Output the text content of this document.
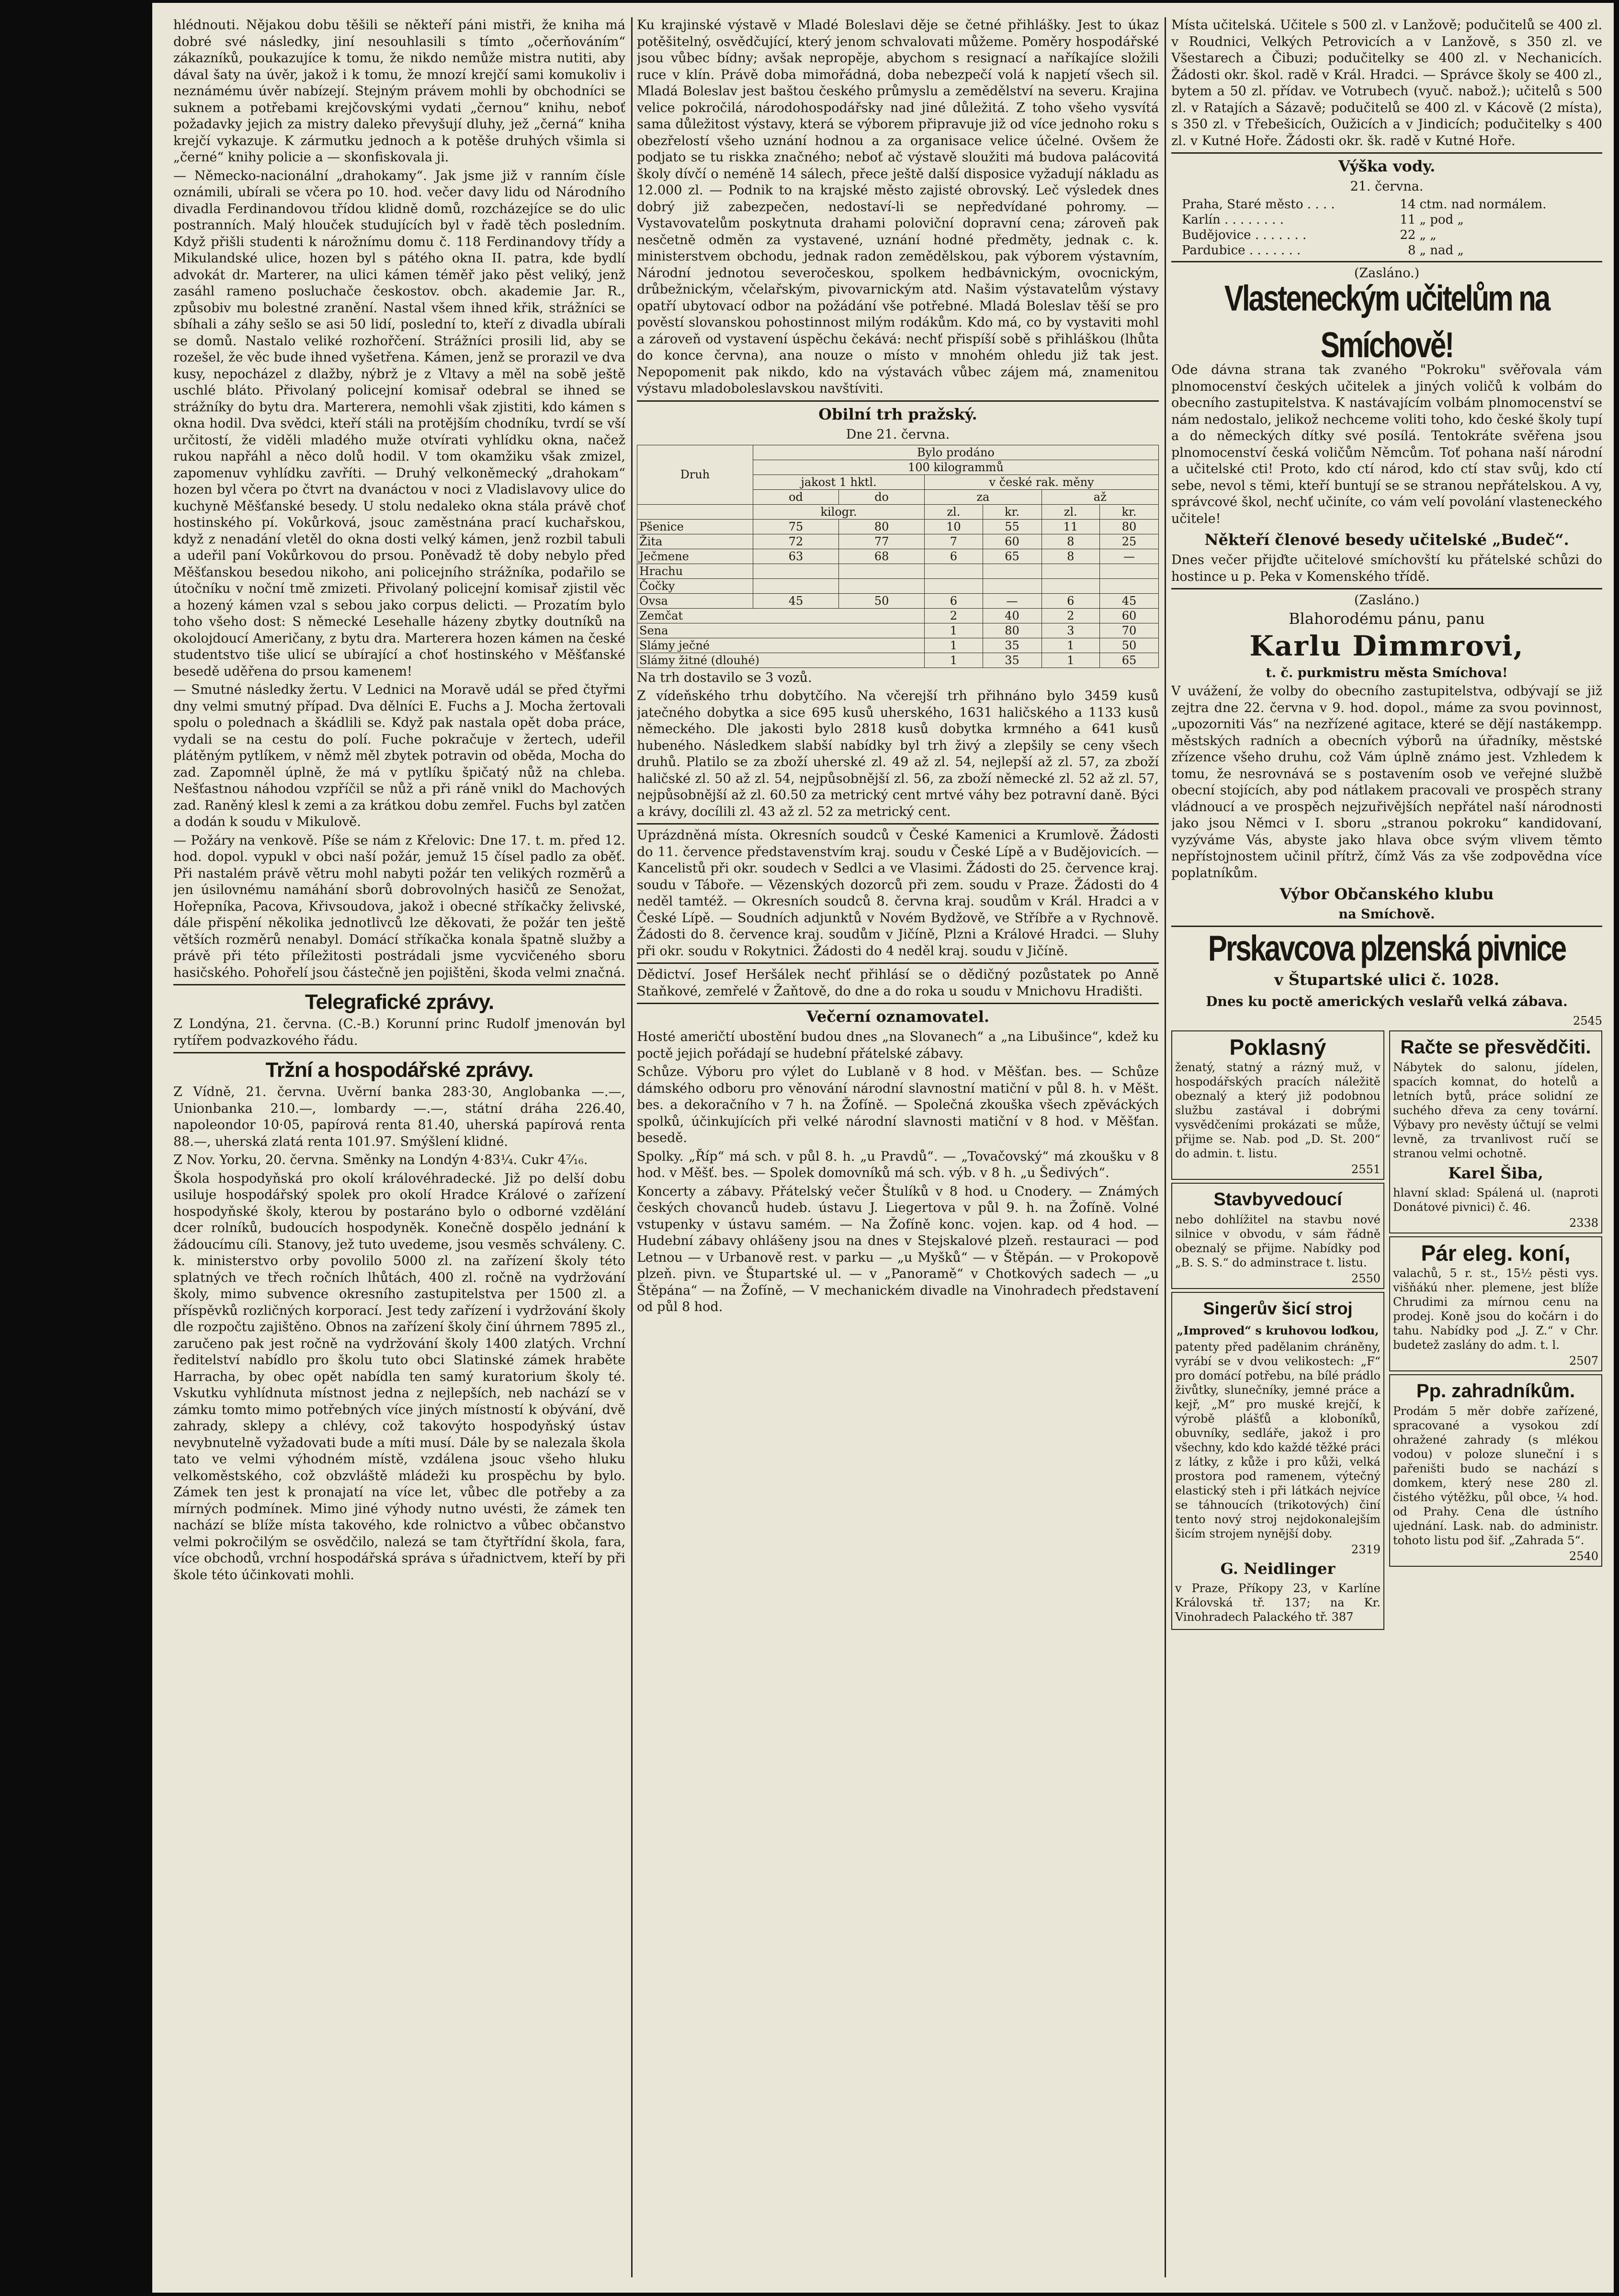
hlédnouti. Nějakou dobu těšili se někteří páni mistři, že kniha má dobré své následky, jiní nesouhlasili s tímto „očerňováním“ zákazníků, poukazujíce k tomu, že nikdo nemůže mistra nutiti, aby dával šaty na úvěr, jakož i k tomu, že mnozí krejčí sami komukoliv i neznámému úvěr nabízejí. Stejným právem mohli by obchodníci se suknem a potřebami krejčovskými vydati „černou“ knihu, neboť požadavky jejich za mistry daleko převyšují dluhy, jež „černá“ kniha krejčí vykazuje. K zármutku jednoch a k potěše druhých všimla si „černé“ knihy policie a — skonfiskovala ji.

— Německo-nacionální „drahokamy“. Jak jsme již v ranním čísle oznámili, ubírali se včera po 10. hod. večer davy lidu od Národního divadla Ferdinandovou třídou klidně domů, rozcházejíce se do ulic postranních. Malý hlouček studujících byl v řadě těch posledním. Když přišli studenti k nárožnímu domu č. 118 Ferdinandovy třídy a Mikulandské ulice, hozen byl s pátého okna II. patra, kde bydlí advokát dr. Marterer, na ulici kámen téměř jako pěst veliký, jenž zasáhl rameno posluchače českostov. obch. akademie Jar. R., způsobiv mu bolestné zranění. Nastal všem ihned křik, strážníci se sbíhali a záhy sešlo se asi 50 lidí, poslední to, kteří z divadla ubírali se domů. Nastalo veliké rozhořčení. Strážníci prosili lid, aby se rozešel, že věc bude ihned vyšetřena. Kámen, jenž se prorazil ve dva kusy, nepocházel z dlažby, nýbrž je z Vltavy a měl na sobě ještě uschlé bláto. Přivolaný policejní komisař odebral se ihned se strážníky do bytu dra. Marterera, nemohli však zjistiti, kdo kámen s okna hodil. Dva svědci, kteří stáli na protějším chodníku, tvrdí se vší určitostí, že viděli mladého muže otvírati vyhlídku okna, načež rukou napřáhl a něco dolů hodil. V tom okamžiku však zmizel, zapomenuv vyhlídku zavříti. — Druhý velkoněmecký „drahokam“ hozen byl včera po čtvrt na dvanáctou v noci z Vladislavovy ulice do kuchyně Měšťanské besedy. U stolu nedaleko okna stála právě choť hostinského pí. Vokůrková, jsouc zaměstnána prací kuchařskou, když z nenadání vletěl do okna dosti velký kámen, jenž rozbil tabuli a udeřil paní Vokůrkovou do prsou. Poněvadž tě doby nebylo před Měšťanskou besedou nikoho, ani policejního strážníka, podařilo se útočníku v noční tmě zmizeti. Přivolaný policejní komisař zjistil věc a hozený kámen vzal s sebou jako corpus delicti. — Prozatím bylo toho všeho dost: S německé Lesehalle házeny zbytky doutníků na okolojdoucí Američany, z bytu dra. Marterera hozen kámen na české studentstvo tiše ulicí se ubírající a choť hostinského v Měšťanské besedě uděřena do prsou kamenem!

— Smutné následky žertu. V Lednici na Moravě udál se před čtyřmi dny velmi smutný případ. Dva dělníci E. Fuchs a J. Mocha žertovali spolu o polednach a škádlili se. Když pak nastala opět doba práce, vydali se na cestu do polí. Fuche pokračuje v žertech, udeřil plátěným pytlíkem, v němž měl zbytek potravin od oběda, Mocha do zad. Zapomněl úplně, že má v pytlíku špičatý nůž na chleba. Nešťastnou náhodou vzpříčil se nůž a při ráně vnikl do Machových zad. Raněný klesl k zemi a za krátkou dobu zemřel. Fuchs byl zatčen a dodán k soudu v Mikulově.

— Požáry na venkově. Píše se nám z Křelovic: Dne 17. t. m. před 12. hod. dopol. vypukl v obci naší požár, jemuž 15 čísel padlo za oběť. Při nastalém právě větru mohl nabyti požár ten velikých rozměrů a jen úsilovnému namáhání sborů dobrovolných hasičů ze Senožat, Hořepníka, Pacova, Křivsoudova, jakož i obecné stříkačky želivské, dále přispění několika jednotlivců lze děkovati, že požár ten ještě větších rozměrů nenabyl. Domácí stříkačka konala špatně služby a právě při této příležitosti postrádali jsme vycvičeného sboru hasičského. Pohořelí jsou částečně jen pojištěni, škoda velmi značná.

Telegrafické zprávy.

Z Londýna, 21. června. (C.-B.) Korunní princ Rudolf jmenován byl rytířem podvazkového řádu.

Tržní a hospodářské zprávy.

Z Vídně, 21. června. Uvěrní banka 283·30, Anglobanka —.—, Unionbanka 210.—, lombardy —.—, státní dráha 226.40, napoleondor 10·05, papírová renta 81.40, uherská papírová renta 88.—, uherská zlatá renta 101.97. Smýšlení klidné.

Z Nov. Yorku, 20. června. Směnky na Londýn 4·83¼. Cukr 4⁷⁄₁₆.

Škola hospodyňská pro okolí královéhradecké. Již po delší dobu usiluje hospodářský spolek pro okolí Hradce Králové o zařízení hospodyňské školy, kterou by postaráno bylo o odborné vzdělání dcer rolníků, budoucích hospodyněk. Konečně dospělo jednání k žádoucímu cíli. Stanovy, jež tuto uvedeme, jsou vesměs schváleny. C. k. ministerstvo orby povolilo 5000 zl. na zařízení školy této splatných ve třech ročních lhůtách, 400 zl. ročně na vydržování školy, mimo subvence okresního zastupitelstva per 1500 zl. a příspěvků rozličných korporací. Jest tedy zařízení i vydržování školy dle rozpočtu zajištěno. Obnos na zařízení školy činí úhrnem 7895 zl., zaručeno pak jest ročně na vydržování školy 1400 zlatých. Vrchní ředitelství nabídlo pro školu tuto obci Slatinské zámek hraběte Harracha, by obec opět nabídla ten samý kuratorium školy té. Vskutku vyhlídnuta místnost jedna z nejlepších, neb nachází se v zámku tomto mimo potřebných více jiných místností k obývání, dvě zahrady, sklepy a chlévy, což takovýto hospodyňský ústav nevybnutelně vyžadovati bude a míti musí. Dále by se nalezala škola tato ve velmi výhodném místě, vzdálena jsouc všeho hluku velkoměstského, což obzvláště mládeži ku prospěchu by bylo. Zámek ten jest k pronajatí na více let, vůbec dle potřeby a za mírných podmínek. Mimo jiné výhody nutno uvésti, že zámek ten nachází se blíže místa takového, kde rolnictvo a vůbec občanstvo velmi pokročilým se osvědčilo, nalezá se tam čtyřtřídní škola, fara, více obchodů, vrchní hospodářská správa s úřadnictvem, kteří by při škole této účinkovati mohli.

Ku krajinské výstavě v Mladé Boleslavi děje se četné přihlášky. Jest to úkaz potěšitelný, osvědčující, který jenom schvalovati můžeme. Poměry hospodářské jsou vůbec bídny; avšak nepropěje, abychom s resignací a naříkajíce složili ruce v klín. Právě doba mimořádná, doba nebezpečí volá k napjetí všech sil. Mladá Boleslav jest baštou českého průmyslu a zemědělství na severu. Krajina velice pokročilá, národohospodářsky nad jiné důležitá. Z toho všeho vysvítá sama důležitost výstavy, která se výborem připravuje již od více jednoho roku s obezřelostí všeho uznání hodnou a za organisace velice účelné. Ovšem že podjato se tu riskka značného; neboť ač výstavě sloužiti má budova palácovitá školy dívčí o neméně 14 sálech, přece ještě další disposice vyžadují nákladu as 12.000 zl. — Podnik to na krajské město zajisté obrovský. Leč výsledek dnes dobrý již zabezpečen, nedostaví-li se nepředvídané pohromy. — Vystavovatelům poskytnuta drahami poloviční dopravní cena; zároveň pak nesčetně odměn za vystavené, uznání hodné předměty, jednak c. k. ministerstvem obchodu, jednak radon zemědělskou, pak výborem výstavním, Národní jednotou severočeskou, spolkem hedbávnickým, ovocnickým, drůbežnickým, včelařským, pivovarnickým atd. Našim výstavatelům výstavy opatří ubytovací odbor na požádání vše potřebné. Mladá Boleslav těší se pro pověstí slovanskou pohostinnost milým rodákům. Kdo má, co by vystaviti mohl a zároveň od vystavení úspěchu čekává: nechť přispíší sobě s přihláškou (lhůta do konce června), ana nouze o místo v mnohém ohledu již tak jest. Nepopomenit pak nikdo, kdo na výstavách vůbec zájem má, znamenitou výstavu mladoboleslavskou navštíviti.

Obilní trh pražský.
Dne 21. června.
Druh	Bylo prodáno					
	100 kilogrammů					
	jakost 1 hktl.		v české rak. měny			
	od	do	za		až	
	kilogr.		zl.	kr.	zl.	kr.
Pšenice	75	80	10	55	11	80
Žita	72	77	7	60	8	25
Ječmene	63	68	6	65	8	—
Hrachu						
Čočky						
Ovsa	45	50	6	—	6	45
Zemčat			2	40	2	60
Sena			1	80	3	70
Slámy ječné			1	35	1	50
Slámy žitné (dlouhé)			1	35	1	65

Na trh dostavilo se 3 vozů.

Z vídeňského trhu dobytčího. Na včerejší trh přihnáno bylo 3459 kusů jatečného dobytka a sice 695 kusů uherského, 1631 haličského a 1133 kusů německého. Dle jakosti bylo 2818 kusů dobytka krmného a 641 kusů hubeného. Následkem slabší nabídky byl trh živý a zlepšily se ceny všech druhů. Platilo se za zboží uherské zl. 49 až zl. 54, nejlepší až zl. 57, za zboží haličské zl. 50 až zl. 54, nejpůsobnější zl. 56, za zboží německé zl. 52 až zl. 57, nejpůsobnější až zl. 60.50 za metrický cent mrtvé váhy bez potravní daně. Býci a krávy, docílili zl. 43 až zl. 52 za metrický cent.

Uprázdněná místa. Okresních soudců v České Kamenici a Krumlově. Žádosti do 11. července představenstvím kraj. soudu v České Lípě a v Budějovicích. — Kancelistů při okr. soudech v Sedlci a ve Vlasimi. Žádosti do 25. července kraj. soudu v Táboře. — Vězenských dozorců při zem. soudu v Praze. Žádosti do 4 neděl tamtéž. — Okresních soudců 8. června kraj. soudům v Král. Hradci a v České Lípě. — Soudních adjunktů v Novém Bydžově, ve Stříbře a v Rychnově. Žádosti do 8. července kraj. soudům v Jičíně, Plzni a Králové Hradci. — Sluhy při okr. soudu v Rokytnici. Žádosti do 4 neděl kraj. soudu v Jičíně.

Dědictví. Josef Heršálek nechť přihlásí se o dědičný pozůstatek po Anně Staňkové, zemřelé v Žaňtově, do dne a do roka u soudu v Mnichovu Hradišti.

Večerní oznamovatel.

Hosté američtí ubostění budou dnes „na Slovanech“ a „na Libušince“, kdež ku poctě jejich pořádají se hudební přátelské zábavy.

Schůze. Výboru pro výlet do Lublaně v 8 hod. v Měšťan. bes. — Schůze dámského odboru pro věnování národní slavnostní matiční v půl 8. h. v Měšt. bes. a dekoračního v 7 h. na Žofíně. — Společná zkouška všech zpěváckých spolků, účinkujících při velké národní slavnosti matiční v 8 hod. v Měšťan. besedě.

Spolky. „Říp“ má sch. v půl 8. h. „u Pravdů“. — „Tovačovský“ má zkoušku v 8 hod. v Měšť. bes. — Spolek domovníků má sch. výb. v 8 h. „u Šedivých“.

Koncerty a zábavy. Přátelský večer Štulíků v 8 hod. u Cnodery. — Známých českých chovanců hudeb. ústavu J. Liegertova v půl 9. h. na Žofíně. Volné vstupenky v ústavu samém. — Na Žofíně konc. vojen. kap. od 4 hod. — Hudební zábavy ohlášeny jsou na dnes v Stejskalové plzeň. restauraci — pod Letnou — v Urbanově rest. v parku — „u Myšků“ — v Štěpán. — v Prokopově plzeň. pivn. ve Štupartské ul. — v „Panoramě“ v Chotkových sadech — „u Štěpána“ — na Žofíně, — V mechanickém divadle na Vinohradech představení od půl 8 hod.

Místa učitelská. Učitele s 500 zl. v Lanžově; podučitelů se 400 zl. v Roudnici, Velkých Petrovicích a v Lanžově, s 350 zl. ve Všestarech a Čibuzi; podučitelky se 400 zl. v Nechanicích. Žádosti okr. škol. radě v Král. Hradci. — Správce školy se 400 zl., bytem a 50 zl. přídav. ve Votrubech (vyuč. nabož.); učitelů s 500 zl. v Ratajích a Sázavě; podučitelů se 400 zl. v Kácově (2 místa), s 350 zl. v Třebešicích, Oužicích a v Jindicích; podučitelky s 400 zl. v Kutné Hoře. Žádosti okr. šk. radě v Kutné Hoře.

Výška vody.
21. června.
Praha, Staré město . . . .	14	ctm. nad normálem.
Karlín . . . . . . . .	11	„ pod „
Budějovice . . . . . . .	22	„ „
Pardubice . . . . . . .	8	„ nad „
(Zasláno.)
Vlasteneckým učitelům na Smíchově!

Ode dávna strana tak zvaného "Pokroku" svěřovala vám plnomocenství českých učitelek a jiných voličů k volbám do obecního zastupitelstva. K nastávajícím volbám plnomocenství se nám nedostalo, jelikož nechceme voliti toho, kdo české školy tupí a do německých dítky své posílá. Tentokráte svěřena jsou plnomocenství česká voličům Němcům. Toť pohana naší národní a učitelské cti! Proto, kdo ctí národ, kdo ctí stav svůj, kdo ctí sebe, nevol s těmi, kteří buntují se se stranou nepřátelskou. A vy, správcové škol, nechť učiníte, co vám velí povolání vlasteneckého učitele!

Někteří členové besedy učitelské „Budeč“.

Dnes večer přijďte učitelové smíchovští ku přátelské schůzi do hostince u p. Peka v Komenského třídě.

(Zasláno.)
Blahorodému pánu, panu
Karlu Dimmrovi,
t. č. purkmistru města Smíchova!

V uvážení, že volby do obecního zastupitelstva, odbývají se již zejtra dne 22. června v 9. hod. dopol., máme za svou povinnost, „upozorniti Vás“ na nezřízené agitace, které se dějí nastákempp. městských radních a obecních výborů na úřadníky, městské zřízence všeho druhu, což Vám úplně známo jest. Vzhledem k tomu, že nesrovnává se s postavením osob ve veřejné službě obecní stojících, aby pod nátlakem pracovali ve prospěch strany vládnoucí a ve prospěch nejzuřivějších nepřátel naší národnosti jako jsou Němci v I. sboru „stranou pokroku“ kandidovaní, vyzýváme Vás, abyste jako hlava obce svým vlivem těmto nepřístojnostem učinil přítrž, čímž Vás za vše zodpovědna více poplatníkům.

Výbor Občanského klubu
na Smíchově.
Prskavcova plzenská pivnice
v Štupartské ulici č. 1028.
Dnes ku poctě amerických veslařů velká zábava.
2545
Poklasný

ženatý, statný a rázný muž, v hospodářských pracích náležitě obeznalý a který již podobnou službu zastával i dobrými vysvědčeními prokázati se může, přijme se. Nab. pod „D. St. 200“ do admin. t. listu.

2551
Stavbyvedoucí

nebo dohlížitel na stavbu nové silnice v obvodu, v sám řádně obeznalý se přijme. Nabídky pod „B. S. S.“ do adminstrace t. listu.

2550
Singerův šicí stroj
„Improved“ s kruhovou loďkou,

patenty před padělanim chráněny, vyrábí se v dvou velikostech: „F“ pro domácí potřebu, na bílé prádlo živůtky, slunečníky, jemné práce a kejř, „M“ pro muské krejčí, k výrobě plášťů a kloboníků, obuvníky, sedláře, jakož i pro všechny, kdo kdo každé těžké práci z látky, z kůže i pro kůži, velká prostora pod ramenem, výtečný elastický steh i při látkách nejvíce se táhnoucích (trikotových) činí tento nový stroj nejdokonalejším šicím strojem nynější doby.

2319
G. Neidlinger

v Praze, Příkopy 23, v Karlíne Královská tř. 137; na Kr. Vinohradech Palackého tř. 387

Račte se přesvědčiti.

Nábytek do salonu, jídelen, spacích komnat, do hotelů a letních bytů, práce solidní ze suchého dřeva za ceny tovární. Výbavy pro nevěsty účtují se velmi levně, za trvanlivost ručí se stranou velmi ochotně.

Karel Šiba,

hlavní sklad: Spálená ul. (naproti Donátové pivnici) č. 46.

2338
Pár eleg. koní,

valachů, 5 r. st., 15¹⁄₂ pěsti vys. višňákú nher. plemene, jest blíže Chrudimi za mírnou cenu na prodej. Koně jsou do kočárn i do tahu. Nabídky pod „J. Z.“ v Chr. budetež zaslány do adm. t. l.

2507
Pp. zahradníkům.

Prodám 5 měr dobře zařízené, spracované a vysokou zdí ohražené zahrady (s mlékou vodou) v poloze sluneční i s pařeništi budo se nachází s domkem, který nese 280 zl. čistého výtěžku, půl obce, ¹⁄₄ hod. od Prahy. Cena dle ústního ujednání. Lask. nab. do administr. tohoto listu pod šif. „Zahrada 5“.

2540
